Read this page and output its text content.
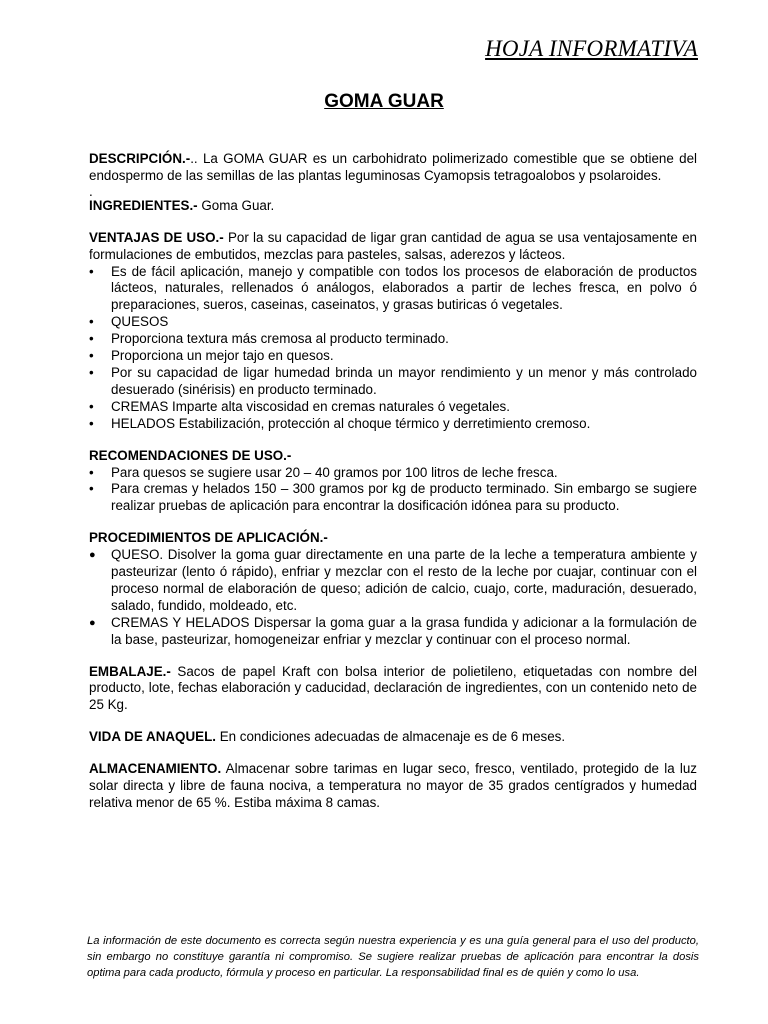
HOJA INFORMATIVA
GOMA GUAR

DESCRIPCIÓN.-.. La GOMA GUAR es un carbohidrato polimerizado comestible que se obtiene del endospermo de las semillas de las plantas leguminosas Cyamopsis tetragoalobos y psolaroides.

.

INGREDIENTES.- Goma Guar.

VENTAJAS DE USO.- Por la su capacidad de ligar gran cantidad de agua se usa ventajosamente en formulaciones de embutidos, mezclas para pasteles, salsas, aderezos y lácteos.

•	Es de fácil aplicación, manejo y compatible con todos los procesos de elaboración de productos lácteos, naturales, rellenados ó análogos, elaborados a partir de leches fresca, en polvo ó preparaciones, sueros, caseinas, caseinatos, y grasas butiricas ó vegetales.
•	QUESOS
•	Proporciona textura más cremosa al producto terminado.
•	Proporciona un mejor tajo en quesos.
•	Por su capacidad de ligar humedad brinda un mayor rendimiento y un menor y más controlado desuerado (sinérisis) en producto terminado.
•	CREMAS Imparte alta viscosidad en cremas naturales ó vegetales.
•	HELADOS Estabilización, protección al choque térmico y derretimiento cremoso.

RECOMENDACIONES DE USO.-

•	Para quesos se sugiere usar 20 – 40 gramos por 100 litros de leche fresca.
•	Para cremas y helados 150 – 300 gramos por kg de producto terminado. Sin embargo se sugiere realizar pruebas de aplicación para encontrar la dosificación idónea para su producto.

PROCEDIMIENTOS DE APLICACIÓN.-

●	QUESO. Disolver la goma guar directamente en una parte de la leche a temperatura ambiente y pasteurizar (lento ó rápido), enfriar y mezclar con el resto de la leche por cuajar, continuar con el proceso normal de elaboración de queso; adición de calcio, cuajo, corte, maduración, desuerado, salado, fundido, moldeado, etc.
●	CREMAS Y HELADOS Dispersar la goma guar a la grasa fundida y adicionar a la formulación de la base, pasteurizar, homogeneizar enfriar y mezclar y continuar con el proceso normal.

EMBALAJE.- Sacos de papel Kraft con bolsa interior de polietileno, etiquetadas con nombre del producto, lote, fechas elaboración y caducidad, declaración de ingredientes, con un contenido neto de 25 Kg.

VIDA DE ANAQUEL. En condiciones adecuadas de almacenaje es de 6 meses.

ALMACENAMIENTO. Almacenar sobre tarimas en lugar seco, fresco, ventilado, protegido de la luz solar directa y libre de fauna nociva, a temperatura no mayor de 35 grados centígrados y humedad relativa menor de 65 %. Estiba máxima 8 camas.

La información de este documento es correcta según nuestra experiencia y es una guía general para el uso del producto, sin embargo no constituye garantía ni compromiso. Se sugiere realizar pruebas de aplicación para encontrar la dosis optima para cada producto, fórmula y proceso en particular. La responsabilidad final es de quién y como lo usa.
